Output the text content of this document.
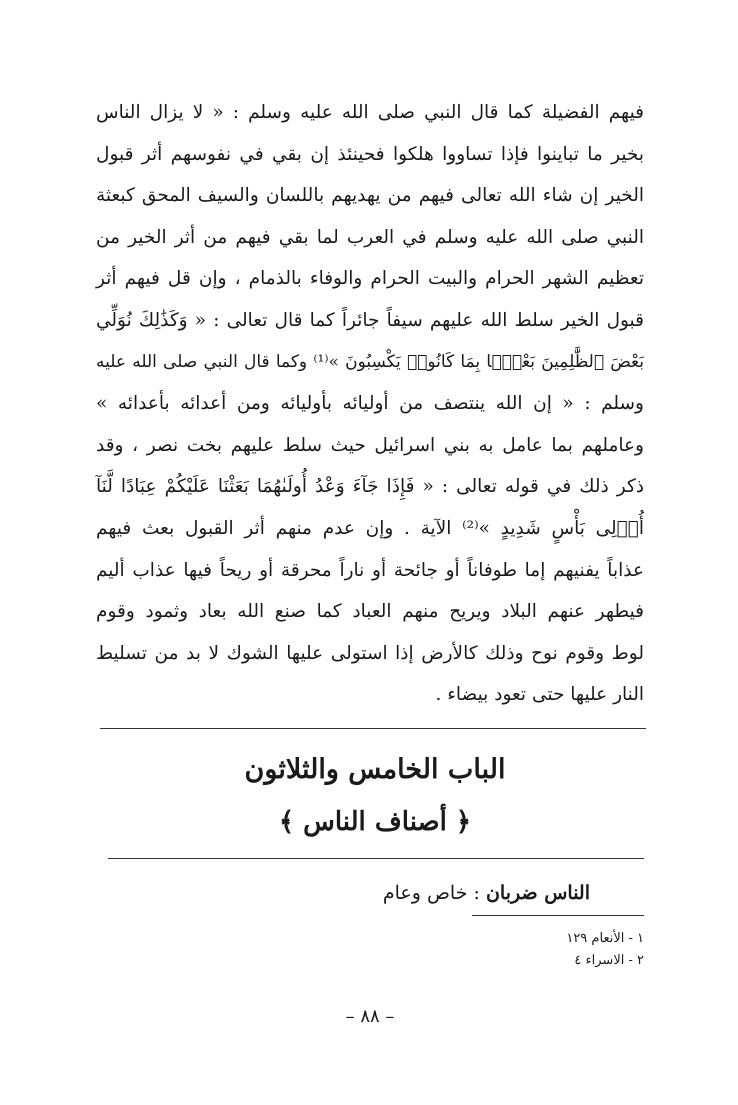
فيهم الفضيلة كما قال النبي صلى الله عليه وسلم : « لا يزال الناس
بخير ما تباينوا فإذا تساووا هلكوا فحينئذ إن بقي في نفوسهم أثر قبول
الخير إن شاء الله تعالى فيهم من يهديهم باللسان والسيف المحق كبعثة
النبي صلى الله عليه وسلم في العرب لما بقي فيهم من أثر الخير من
تعظيم الشهر الحرام والبيت الحرام والوفاء بالذمام ، وإن قل فيهم أثر
قبول الخير سلط الله عليهم سيفاً جائراً كما قال تعالى : « وَكَذَٰلِكَ نُوَلِّي
بَعْضَ ٱلظَّٰلِمِينَ بَعْضًۢا بِمَا كَانُوا۟ يَكْسِبُونَ »⁽¹⁾ وكما قال النبي صلى الله عليه
وسلم : « إن الله ينتصف من أوليائه بأوليائه ومن أعدائه بأعدائه »
وعاملهم بما عامل به بني اسرائيل حيث سلط عليهم بخت نصر ، وقد
ذكر ذلك في قوله تعالى : « فَإِذَا جَآءَ وَعْدُ أُولَىٰهُمَا بَعَثْنَا عَلَيْكُمْ عِبَادًا لَّنَآ
أُو۟لِى بَأْسٍ شَدِيدٍ »⁽²⁾ الآية . وإن عدم منهم أثر القبول بعث فيهم
عذاباً يفنيهم إما طوفاناً أو جائحة أو ناراً محرقة أو ريحاً فيها عذاب أليم
فيطهر عنهم البلاد ويريح منهم العباد كما صنع الله بعاد وثمود وقوم
لوط وقوم نوح وذلك كالأرض إذا استولى عليها الشوك لا بد من تسليط
النار عليها حتى تعود بيضاء .
الباب الخامس والثلاثون
﴿ أصناف الناس ﴾
الناس ضربان : خاص وعام
١ - الأنعام ١٢٩
٢ - الاسراء ٤
– ٨٨ –
